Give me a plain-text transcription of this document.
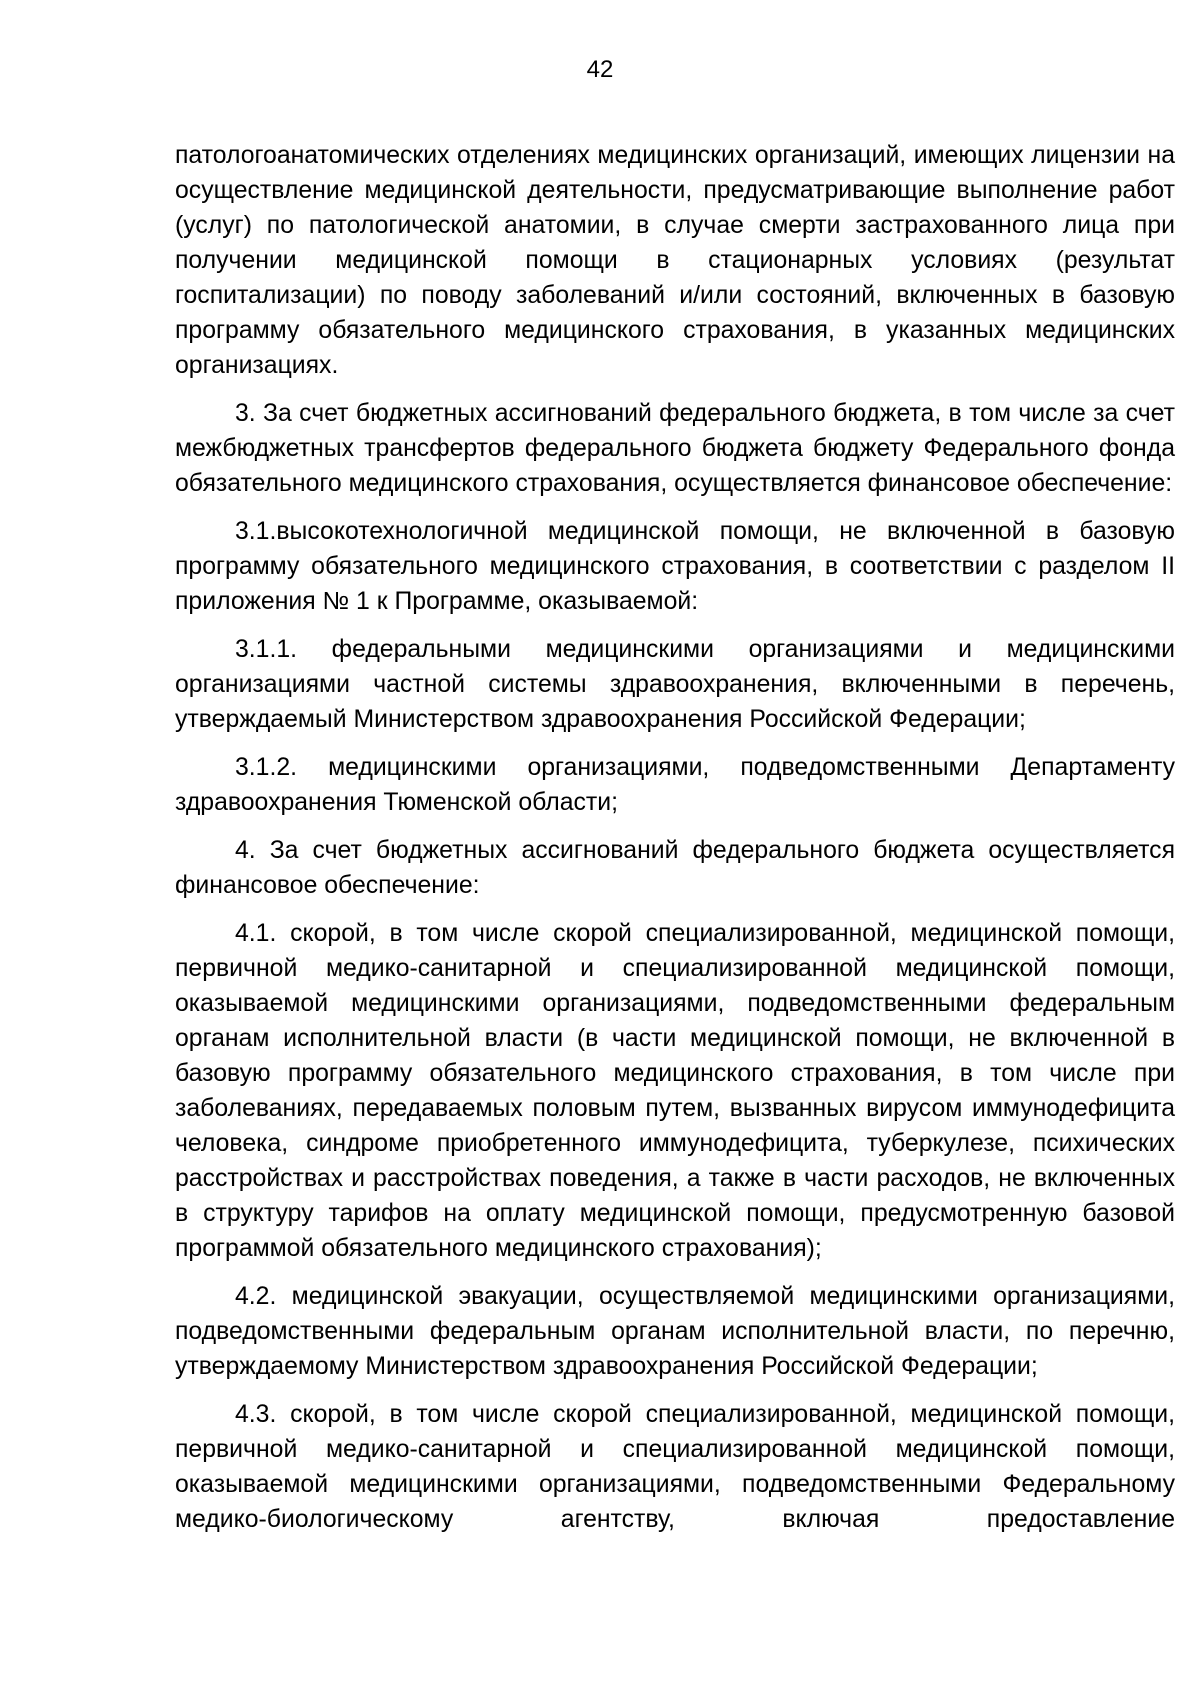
42

патологоанатомических отделениях медицинских организаций, имеющих лицензии на осуществление медицинской деятельности, предусматривающие выполнение работ (услуг) по патологической анатомии, в случае смерти застрахованного лица при получении медицинской помощи в стационарных условиях (результат госпитализации) по поводу заболеваний и/или состояний, включенных в базовую программу обязательного медицинского страхования, в указанных медицинских организациях.

3. За счет бюджетных ассигнований федерального бюджета, в том числе за счет межбюджетных трансфертов федерального бюджета бюджету Федерального фонда обязательного медицинского страхования, осуществляется финансовое обеспечение:

3.1.высокотехнологичной медицинской помощи, не включенной в базовую программу обязательного медицинского страхования, в соответствии с разделом II приложения № 1 к Программе, оказываемой:

3.1.1. федеральными медицинскими организациями и медицинскими организациями частной системы здравоохранения, включенными в перечень, утверждаемый Министерством здравоохранения Российской Федерации;

3.1.2. медицинскими организациями, подведомственными Департаменту здравоохранения Тюменской области;

4. За счет бюджетных ассигнований федерального бюджета осуществляется финансовое обеспечение:

4.1. скорой, в том числе скорой специализированной, медицинской помощи, первичной медико-санитарной и специализированной медицинской помощи, оказываемой медицинскими организациями, подведомственными федеральным органам исполнительной власти (в части медицинской помощи, не включенной в базовую программу обязательного медицинского страхования, в том числе при заболеваниях, передаваемых половым путем, вызванных вирусом иммунодефицита человека, синдроме приобретенного иммунодефицита, туберкулезе, психических расстройствах и расстройствах поведения, а также в части расходов, не включенных в структуру тарифов на оплату медицинской помощи, предусмотренную базовой программой обязательного медицинского страхования);

4.2. медицинской эвакуации, осуществляемой медицинскими организациями, подведомственными федеральным органам исполнительной власти, по перечню, утверждаемому Министерством здравоохранения Российской Федерации;

4.3. скорой, в том числе скорой специализированной, медицинской помощи, первичной медико-санитарной и специализированной медицинской помощи, оказываемой медицинскими организациями, подведомственными Федеральному медико-биологическому агентству, включая предоставление
